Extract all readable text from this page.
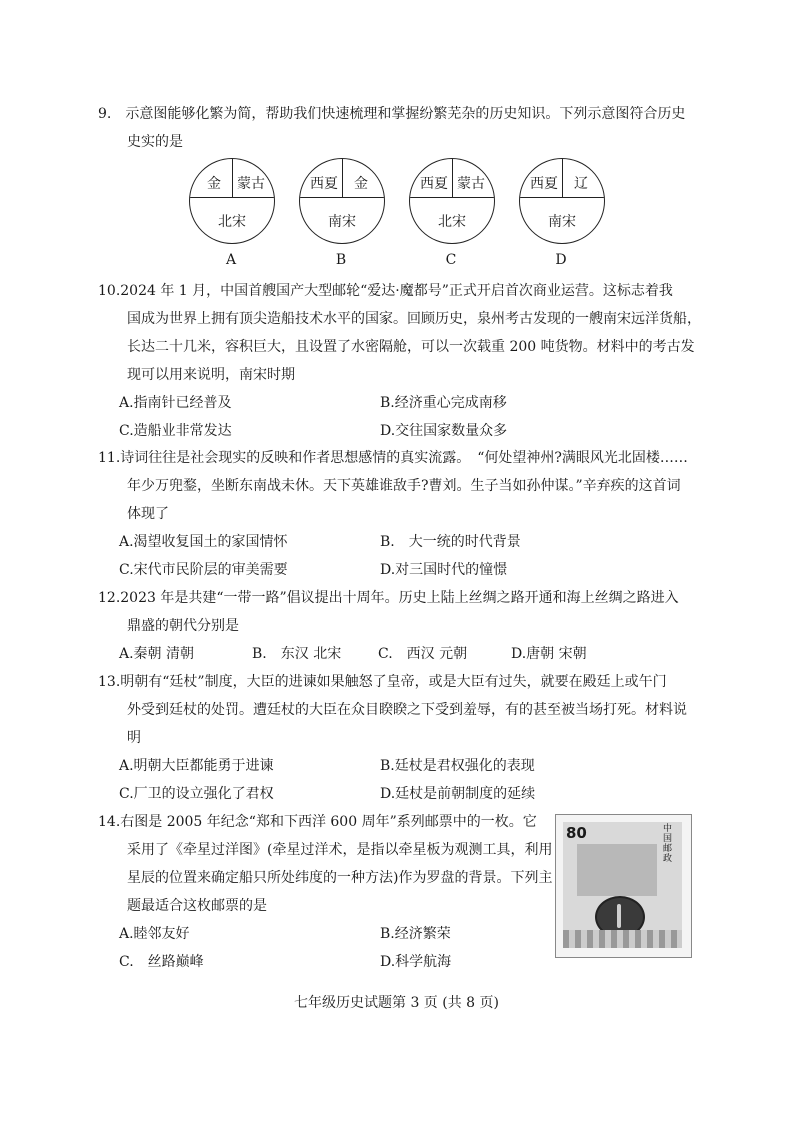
9.　示意图能够化繁为简，帮助我们快速梳理和掌握纷繁芜杂的历史知识。下列示意图符合历史
史实的是
金	蒙古
北宋
A
西夏	金
南宋
B
西夏 蒙古
北宋
C
西夏	辽
南宋
D
10.2024 年 1 月，中国首艘国产大型邮轮“爱达·魔都号”正式开启首次商业运营。这标志着我
国成为世界上拥有顶尖造船技术水平的国家。回顾历史，泉州考古发现的一艘南宋远洋货船，
长达二十几米，容积巨大，且设置了水密隔舱，可以一次载重 200 吨货物。材料中的考古发
现可以用来说明，南宋时期
A.指南针已经普及	B.经济重心完成南移
C.造船业非常发达	D.交往国家数量众多
11.诗词往往是社会现实的反映和作者思想感情的真实流露。　“何处望神州?满眼风光北固楼……
年少万兜鍪，坐断东南战未休。天下英雄谁敌手?曹刘。生子当如孙仲谋。”辛弃疾的这首词
体现了
A.渴望收复国土的家国情怀	B.　大一统的时代背景
C.宋代市民阶层的审美需要	D.对三国时代的憧憬
12.2023 年是共建“一带一路”倡议提出十周年。历史上陆上丝绸之路开通和海上丝绸之路进入
鼎盛的朝代分别是
A.秦朝 清朝	B.　东汉 北宋	C.　西汉 元朝	D.唐朝 宋朝
13.明朝有“廷杖”制度，大臣的进谏如果触怒了皇帝，或是大臣有过失，就要在殿廷上或午门
外受到廷杖的处罚。遭廷杖的大臣在众目睽睽之下受到羞辱，有的甚至被当场打死。材料说
明
A.明朝大臣都能勇于进谏	B.廷杖是君权强化的表现
C.厂卫的设立强化了君权	D.廷杖是前朝制度的延续
14.右图是 2005 年纪念“郑和下西洋 600 周年”系列邮票中的一枚。它
采用了《牵星过洋图》(牵星过洋术，是指以牵星板为观测工具，利用
星辰的位置来确定船只所处纬度的一种方法)作为罗盘的背景。下列主
题最适合这枚邮票的是
A.睦邻友好	B.经济繁荣
C.　丝路巅峰	D.科学航海
80	中国邮政
七年级历史试题第 3 页 (共 8 页)
